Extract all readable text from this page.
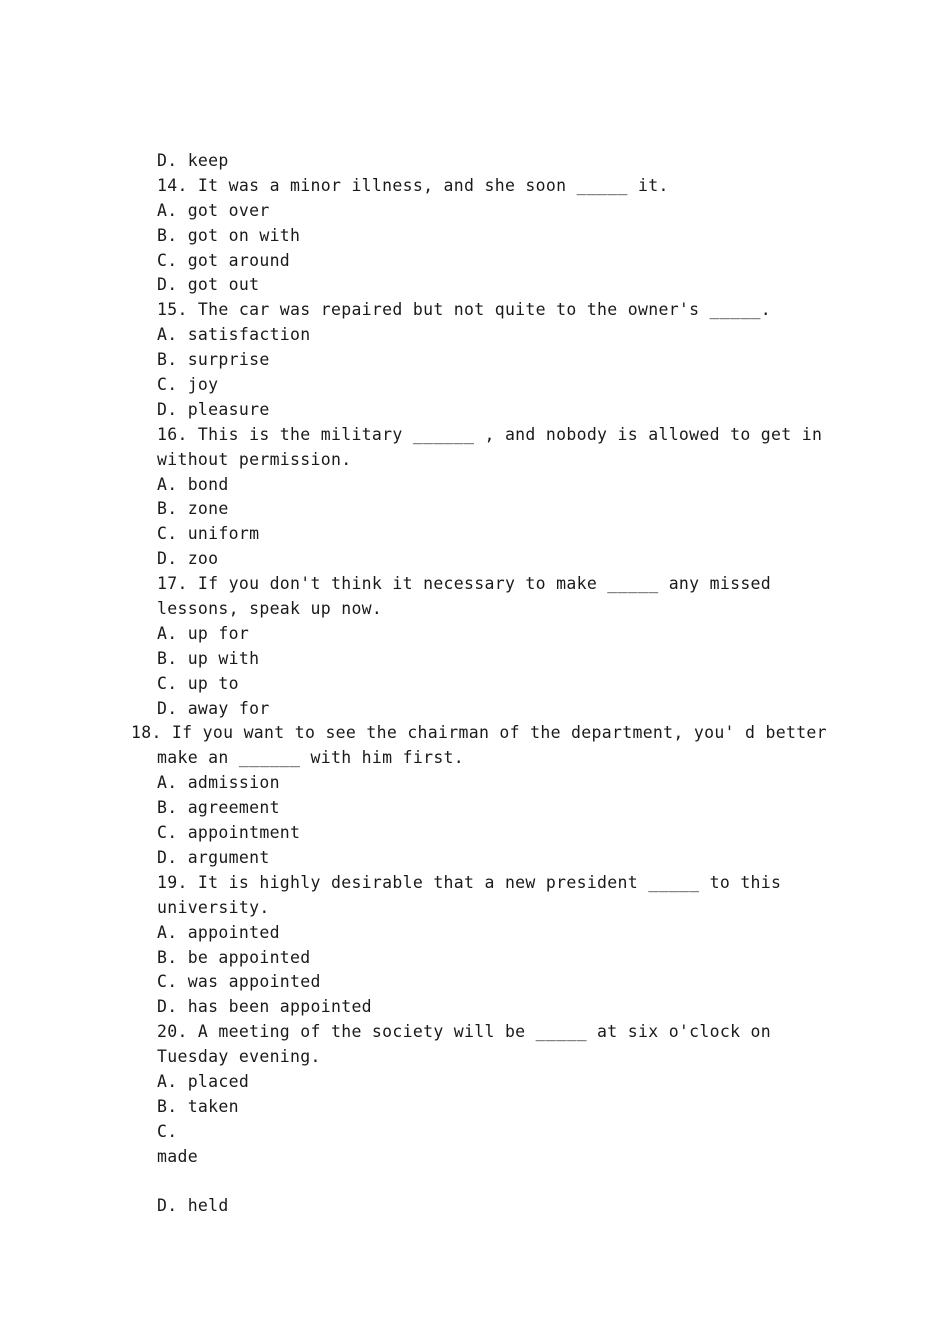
D. keep
14. It was a minor illness, and she soon _____ it.
A. got over
B. got on with
C. got around
D. got out
15. The car was repaired but not quite to the owner's _____.
A. satisfaction
B. surprise
C. joy
D. pleasure
16. This is the military ______ , and nobody is allowed to get in
without permission.
A. bond
B. zone
C. uniform
D. zoo
17. If you don't think it necessary to make _____ any missed
lessons, speak up now.
A. up for
B. up with
C. up to
D. away for
18. If you want to see the chairman of the department, you' d better
make an ______ with him first.
A. admission
B. agreement
C. appointment
D. argument
19. It is highly desirable that a new president _____ to this
university.
A. appointed
B. be appointed
C. was appointed
D. has been appointed
20. A meeting of the society will be _____ at six o'clock on
Tuesday evening.
A. placed
B. taken
C.
made
D. held
